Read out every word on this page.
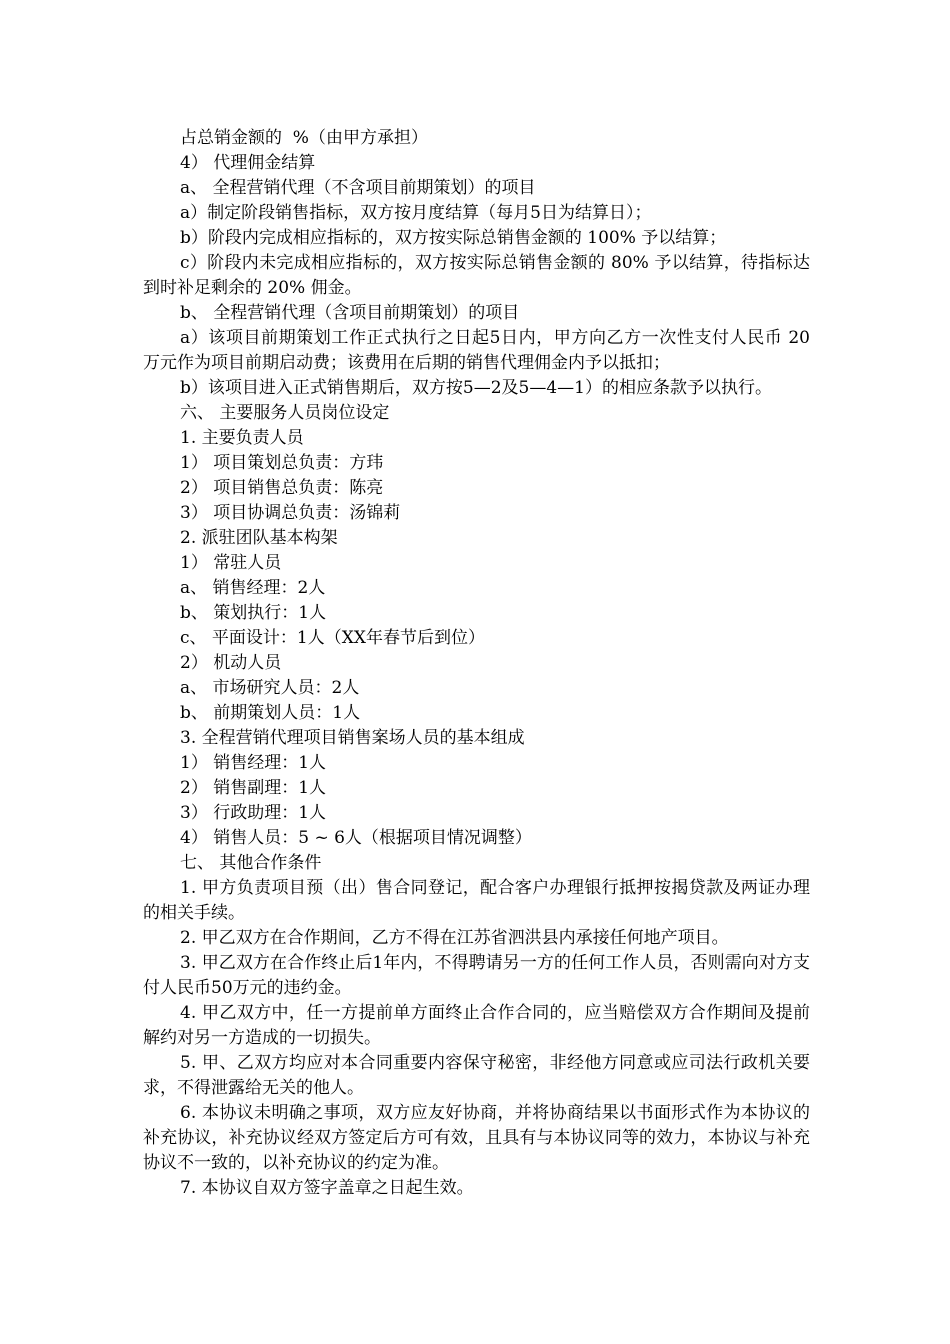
占总销金额的  %（由甲方承担）

4） 代理佣金结算

a、 全程营销代理（不含项目前期策划）的项目

a）制定阶段销售指标，双方按月度结算（每月5日为结算日）；

b）阶段内完成相应指标的，双方按实际总销售金额的 100% 予以结算；

c）阶段内未完成相应指标的，双方按实际总销售金额的 80% 予以结算，待指标达到时补足剩余的 20% 佣金。

b、 全程营销代理（含项目前期策划）的项目

a）该项目前期策划工作正式执行之日起5日内，甲方向乙方一次性支付人民币 20 万元作为项目前期启动费；该费用在后期的销售代理佣金内予以抵扣；

b）该项目进入正式销售期后，双方按5—2及5—4—1）的相应条款予以执行。

六、 主要服务人员岗位设定

1. 主要负责人员

1） 项目策划总负责：方玮

2） 项目销售总负责：陈亮

3） 项目协调总负责：汤锦莉

2. 派驻团队基本构架

1） 常驻人员

a、 销售经理：2人

b、 策划执行：1人

c、 平面设计：1人（XX年春节后到位）

2） 机动人员

a、 市场研究人员：2人

b、 前期策划人员：1人

3. 全程营销代理项目销售案场人员的基本组成

1） 销售经理：1人

2） 销售副理：1人

3） 行政助理：1人

4） 销售人员：5 ~ 6人（根据项目情况调整）

七、 其他合作条件

1. 甲方负责项目预（出）售合同登记，配合客户办理银行抵押按揭贷款及两证办理的相关手续。

2. 甲乙双方在合作期间，乙方不得在江苏省泗洪县内承接任何地产项目。

3. 甲乙双方在合作终止后1年内，不得聘请另一方的任何工作人员，否则需向对方支付人民币50万元的违约金。

4. 甲乙双方中，任一方提前单方面终止合作合同的，应当赔偿双方合作期间及提前解约对另一方造成的一切损失。

5. 甲、乙双方均应对本合同重要内容保守秘密，非经他方同意或应司法行政机关要求，不得泄露给无关的他人。

6. 本协议未明确之事项，双方应友好协商，并将协商结果以书面形式作为本协议的补充协议，补充协议经双方签定后方可有效，且具有与本协议同等的效力，本协议与补充协议不一致的，以补充协议的约定为准。

7. 本协议自双方签字盖章之日起生效。
